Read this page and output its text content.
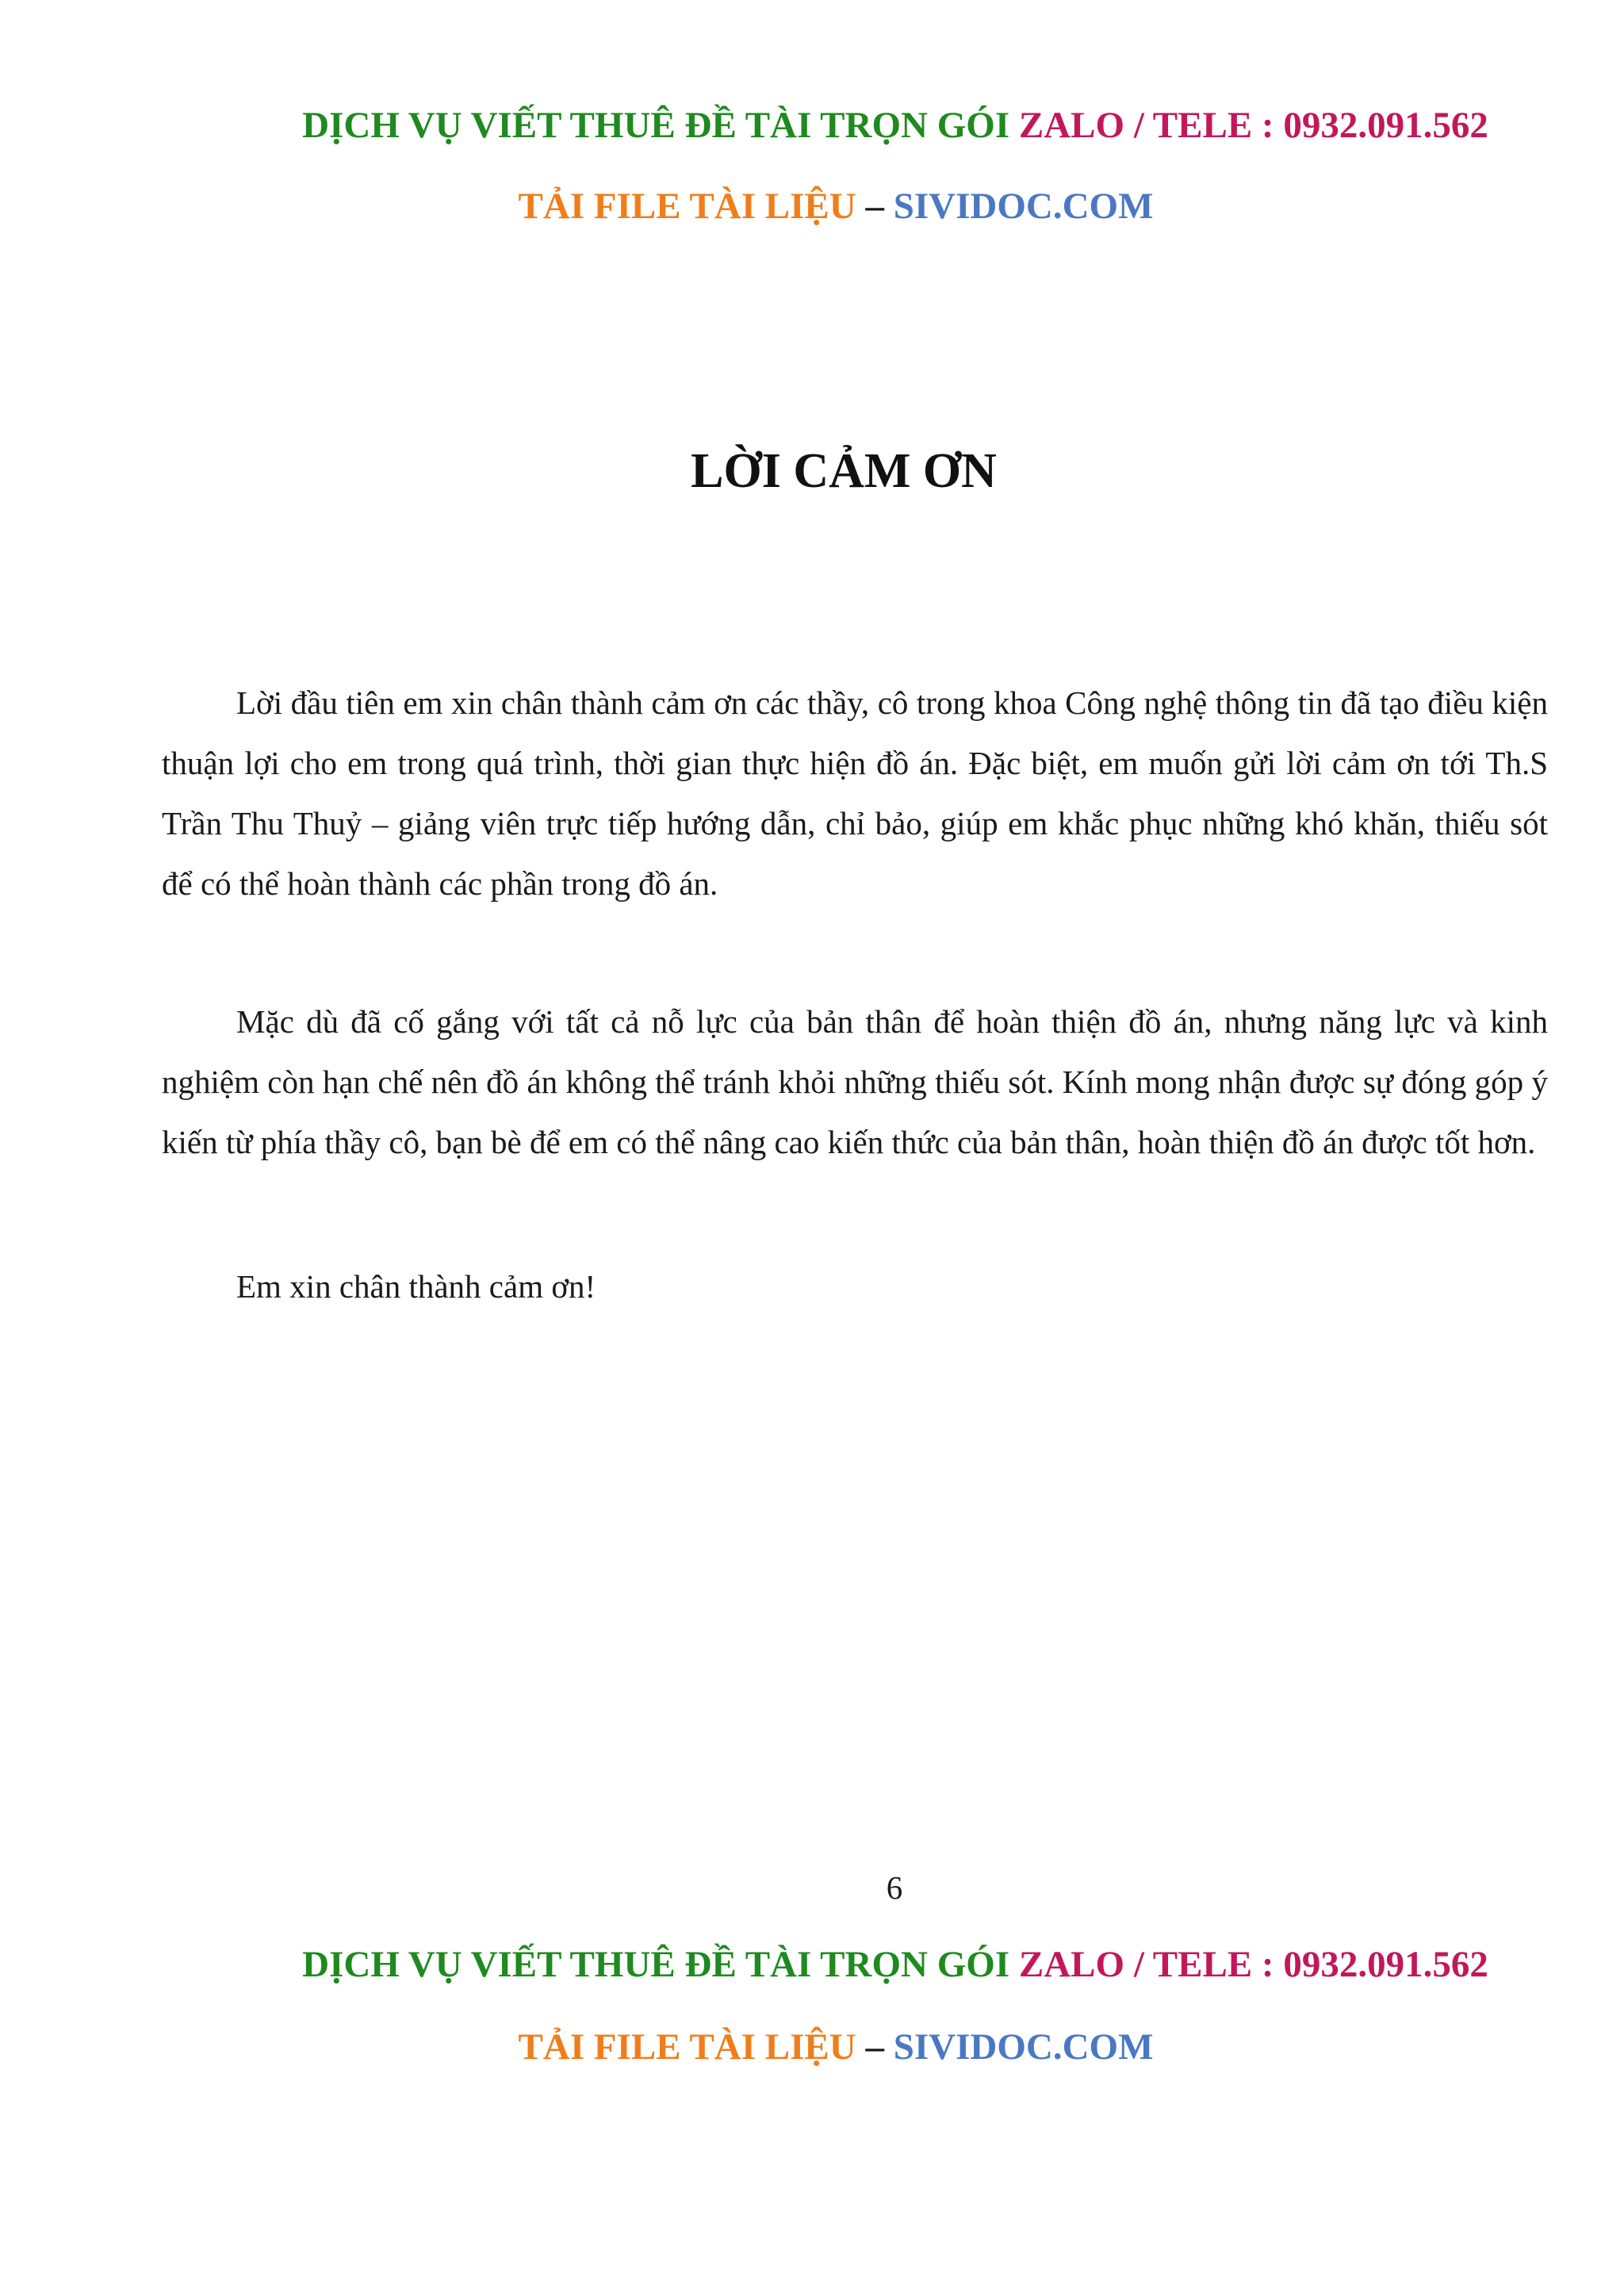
DỊCH VỤ VIẾT THUÊ ĐỀ TÀI TRỌN GÓI ZALO / TELE : 0932.091.562
TẢI FILE TÀI LIỆU – SIVIDOC.COM
LỜI CẢM ƠN

Lời đầu tiên em xin chân thành cảm ơn các thầy, cô trong khoa Công nghệ thông tin đã tạo điều kiện thuận lợi cho em trong quá trình, thời gian thực hiện đồ án. Đặc biệt, em muốn gửi lời cảm ơn tới Th.S Trần Thu Thuỷ – giảng viên trực tiếp hướng dẫn, chỉ bảo, giúp em khắc phục những khó khăn, thiếu sót để có thể hoàn thành các phần trong đồ án.

Mặc dù đã cố gắng với tất cả nỗ lực của bản thân để hoàn thiện đồ án, nhưng năng lực và kinh nghiệm còn hạn chế nên đồ án không thể tránh khỏi những thiếu sót. Kính mong nhận được sự đóng góp ý kiến từ phía thầy cô, bạn bè để em có thể nâng cao kiến thức của bản thân, hoàn thiện đồ án được tốt hơn.

Em xin chân thành cảm ơn!

6
DỊCH VỤ VIẾT THUÊ ĐỀ TÀI TRỌN GÓI ZALO / TELE : 0932.091.562
TẢI FILE TÀI LIỆU – SIVIDOC.COM
